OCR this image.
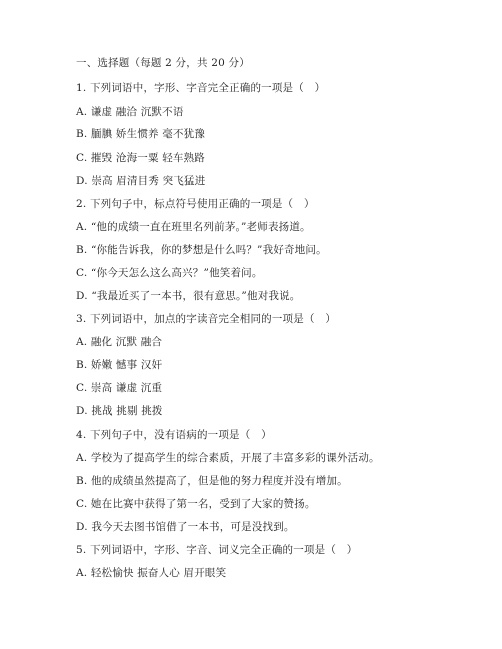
一、选择题（每题 2 分，共 20 分）
1. 下列词语中，字形、字音完全正确的一项是（　）
A. 谦虚 融洽 沉默不语
B. 腼腆 娇生惯养 毫不犹豫
C. 摧毁 沧海一粟 轻车熟路
D. 崇高 眉清目秀 突飞猛进
2. 下列句子中，标点符号使用正确的一项是（　）
A. “他的成绩一直在班里名列前茅。”老师表扬道。
B. “你能告诉我，你的梦想是什么吗？”我好奇地问。
C. “你今天怎么这么高兴？”他笑着问。
D. “我最近买了一本书，很有意思。”他对我说。
3. 下列词语中，加点的字读音完全相同的一项是（　）
A. 融化 沉默 融合
B. 娇嫩 憾事 汉奸
C. 崇高 谦虚 沉重
D. 挑战 挑剔 挑拨
4. 下列句子中，没有语病的一项是（　）
A. 学校为了提高学生的综合素质，开展了丰富多彩的课外活动。
B. 他的成绩虽然提高了，但是他的努力程度并没有增加。
C. 她在比赛中获得了第一名，受到了大家的赞扬。
D. 我今天去图书馆借了一本书，可是没找到。
5. 下列词语中，字形、字音、词义完全正确的一项是（　）
A. 轻松愉快 振奋人心 眉开眼笑
